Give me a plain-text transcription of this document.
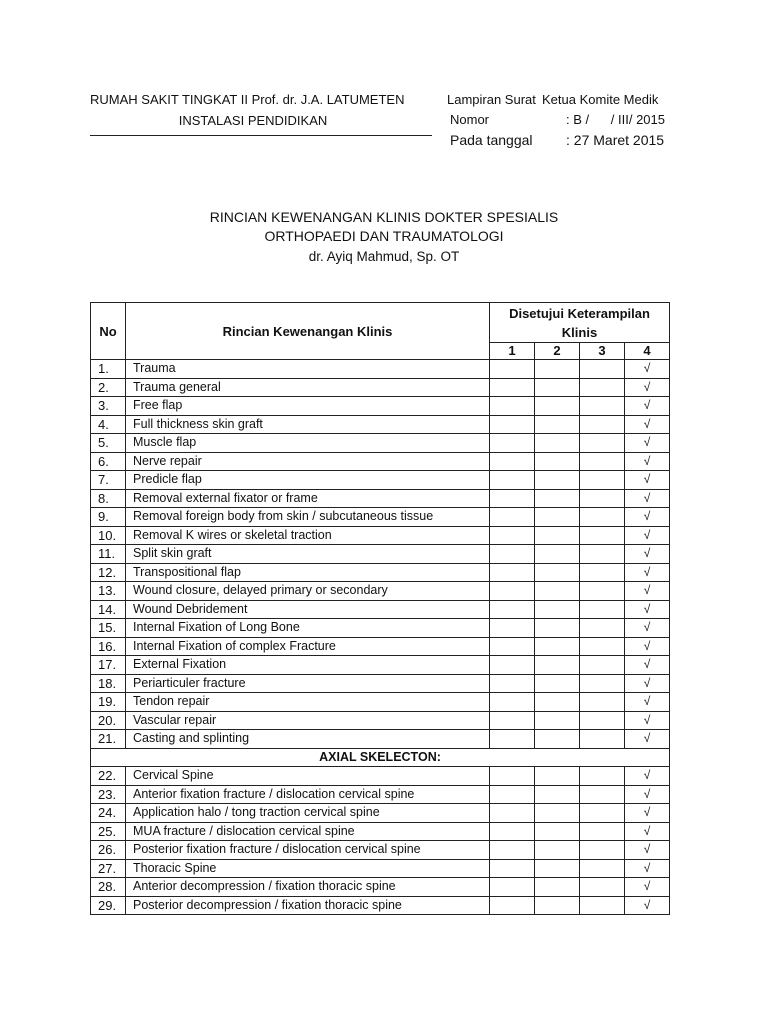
RUMAH SAKIT TINGKAT II Prof. dr. J.A. LATUMETEN
INSTALASI PENDIDIKAN
Lampiran Surat Ketua Komite Medik
Nomor	: B /      / III/ 2015
Pada tanggal : 27 Maret 2015
RINCIAN KEWENANGAN KLINIS DOKTER SPESIALIS
ORTHOPAEDI DAN TRAUMATOLOGI
dr. Ayiq Mahmud, Sp. OT
No	Rincian Kewenangan Klinis	Disetujui Keterampilan Klinis			
		1	2	3	4
1.	Trauma				√
2.	Trauma general				√
3.	Free flap				√
4.	Full thickness skin graft				√
5.	Muscle flap				√
6.	Nerve repair				√
7.	Predicle flap				√
8.	Removal external fixator or frame				√
9.	Removal foreign body from skin / subcutaneous tissue				√
10.	Removal K wires or skeletal traction				√
11.	Split skin graft				√
12.	Transpositional flap				√
13.	Wound closure, delayed primary or secondary				√
14.	Wound Debridement				√
15.	Internal Fixation of Long Bone				√
16.	Internal Fixation of complex Fracture				√
17.	External Fixation				√
18.	Periarticuler fracture				√
19.	Tendon repair				√
20.	Vascular repair				√
21.	Casting and splinting				√
AXIAL SKELECTON:					
22.	Cervical Spine				√
23.	Anterior fixation fracture / dislocation cervical spine				√
24.	Application halo / tong traction cervical spine				√
25.	MUA fracture / dislocation cervical spine				√
26.	Posterior fixation fracture / dislocation cervical spine				√
27.	Thoracic Spine				√
28.	Anterior decompression / fixation thoracic spine				√
29.	Posterior decompression / fixation thoracic spine				√
